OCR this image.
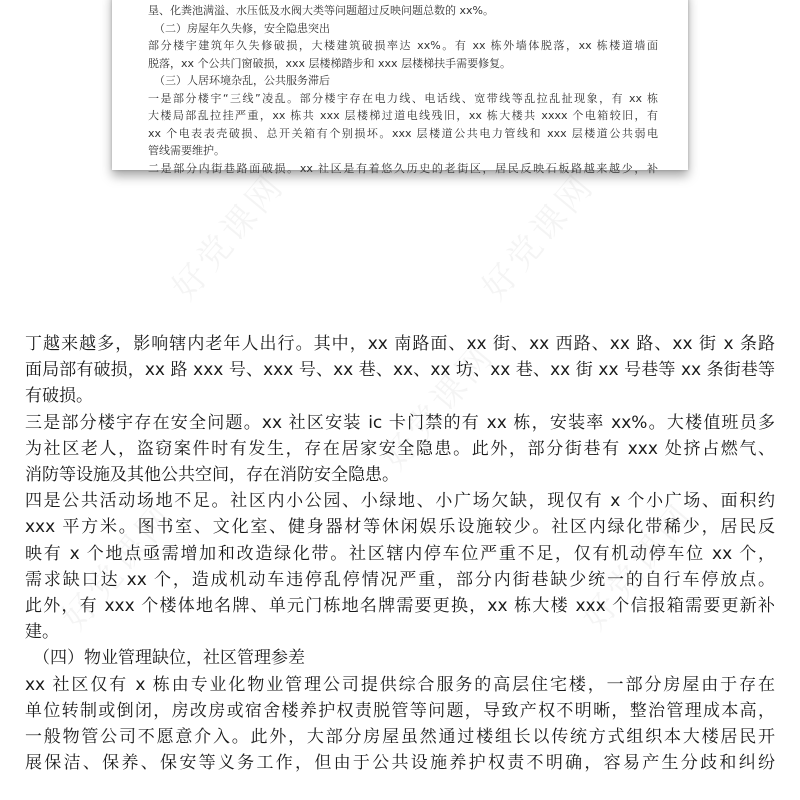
垦、化粪池满溢、水压低及水阀大类等问题超过反映问题总数的 xx%。
（二）房屋年久失修，安全隐患突出
部分楼宇建筑年久失修破损，大楼建筑破损率达 xx%。有 xx 栋外墙体脱落，xx 栋楼道墙面
脱落，xx 个公共门窗破损，xxx 层楼梯踏步和 xxx 层楼梯扶手需要修复。
（三）人居环境杂乱，公共服务滞后
一是部分楼宇“三线”凌乱。部分楼宇存在电力线、电话线、宽带线等乱拉乱扯现象，有 xx 栋
大楼局部乱拉挂严重，xx 栋共 xxx 层楼梯过道电线残旧，xx 栋大楼共 xxxx 个电箱较旧，有
xx 个电表表壳破损、总开关箱有个别损坏。xxx 层楼道公共电力管线和 xxx 层楼道公共弱电
管线需要维护。
二是部分内街巷路面破损。xx 社区是有着悠久历史的老街区，居民反映石板路越来越少，补
丁越来越多，影响辖内老年人出行。其中，xx 南路面、xx 街、xx 西路、xx 路、xx 街 x 条路
面局部有破损，xx 路 xxx 号、xxx 号、xx 巷、xx、xx 坊、xx 巷、xx 街 xx 号巷等 xx 条街巷等
有破损。
三是部分楼宇存在安全问题。xx 社区安装 ic 卡门禁的有 xx 栋，安装率 xx%。大楼值班员多
为社区老人，盗窃案件时有发生，存在居家安全隐患。此外，部分街巷有 xxx 处挤占燃气、
消防等设施及其他公共空间，存在消防安全隐患。
四是公共活动场地不足。社区内小公园、小绿地、小广场欠缺，现仅有 x 个小广场、面积约
xxx 平方米。图书室、文化室、健身器材等休闲娱乐设施较少。社区内绿化带稀少，居民反
映有 x 个地点亟需增加和改造绿化带。社区辖内停车位严重不足，仅有机动停车位 xx 个，
需求缺口达 xx 个，造成机动车违停乱停情况严重，部分内街巷缺少统一的自行车停放点。
此外，有 xxx 个楼体地名牌、单元门栋地名牌需要更换，xx 栋大楼 xxx 个信报箱需要更新补
建。
（四）物业管理缺位，社区管理参差
xx 社区仅有 x 栋由专业化物业管理公司提供综合服务的高层住宅楼，一部分房屋由于存在
单位转制或倒闭，房改房或宿舍楼养护权责脱管等问题，导致产权不明晰，整治管理成本高，
一般物管公司不愿意介入。此外，大部分房屋虽然通过楼组长以传统方式组织本大楼居民开
展保洁、保养、保安等义务工作，但由于公共设施养护权责不明确，容易产生分歧和纠纷
